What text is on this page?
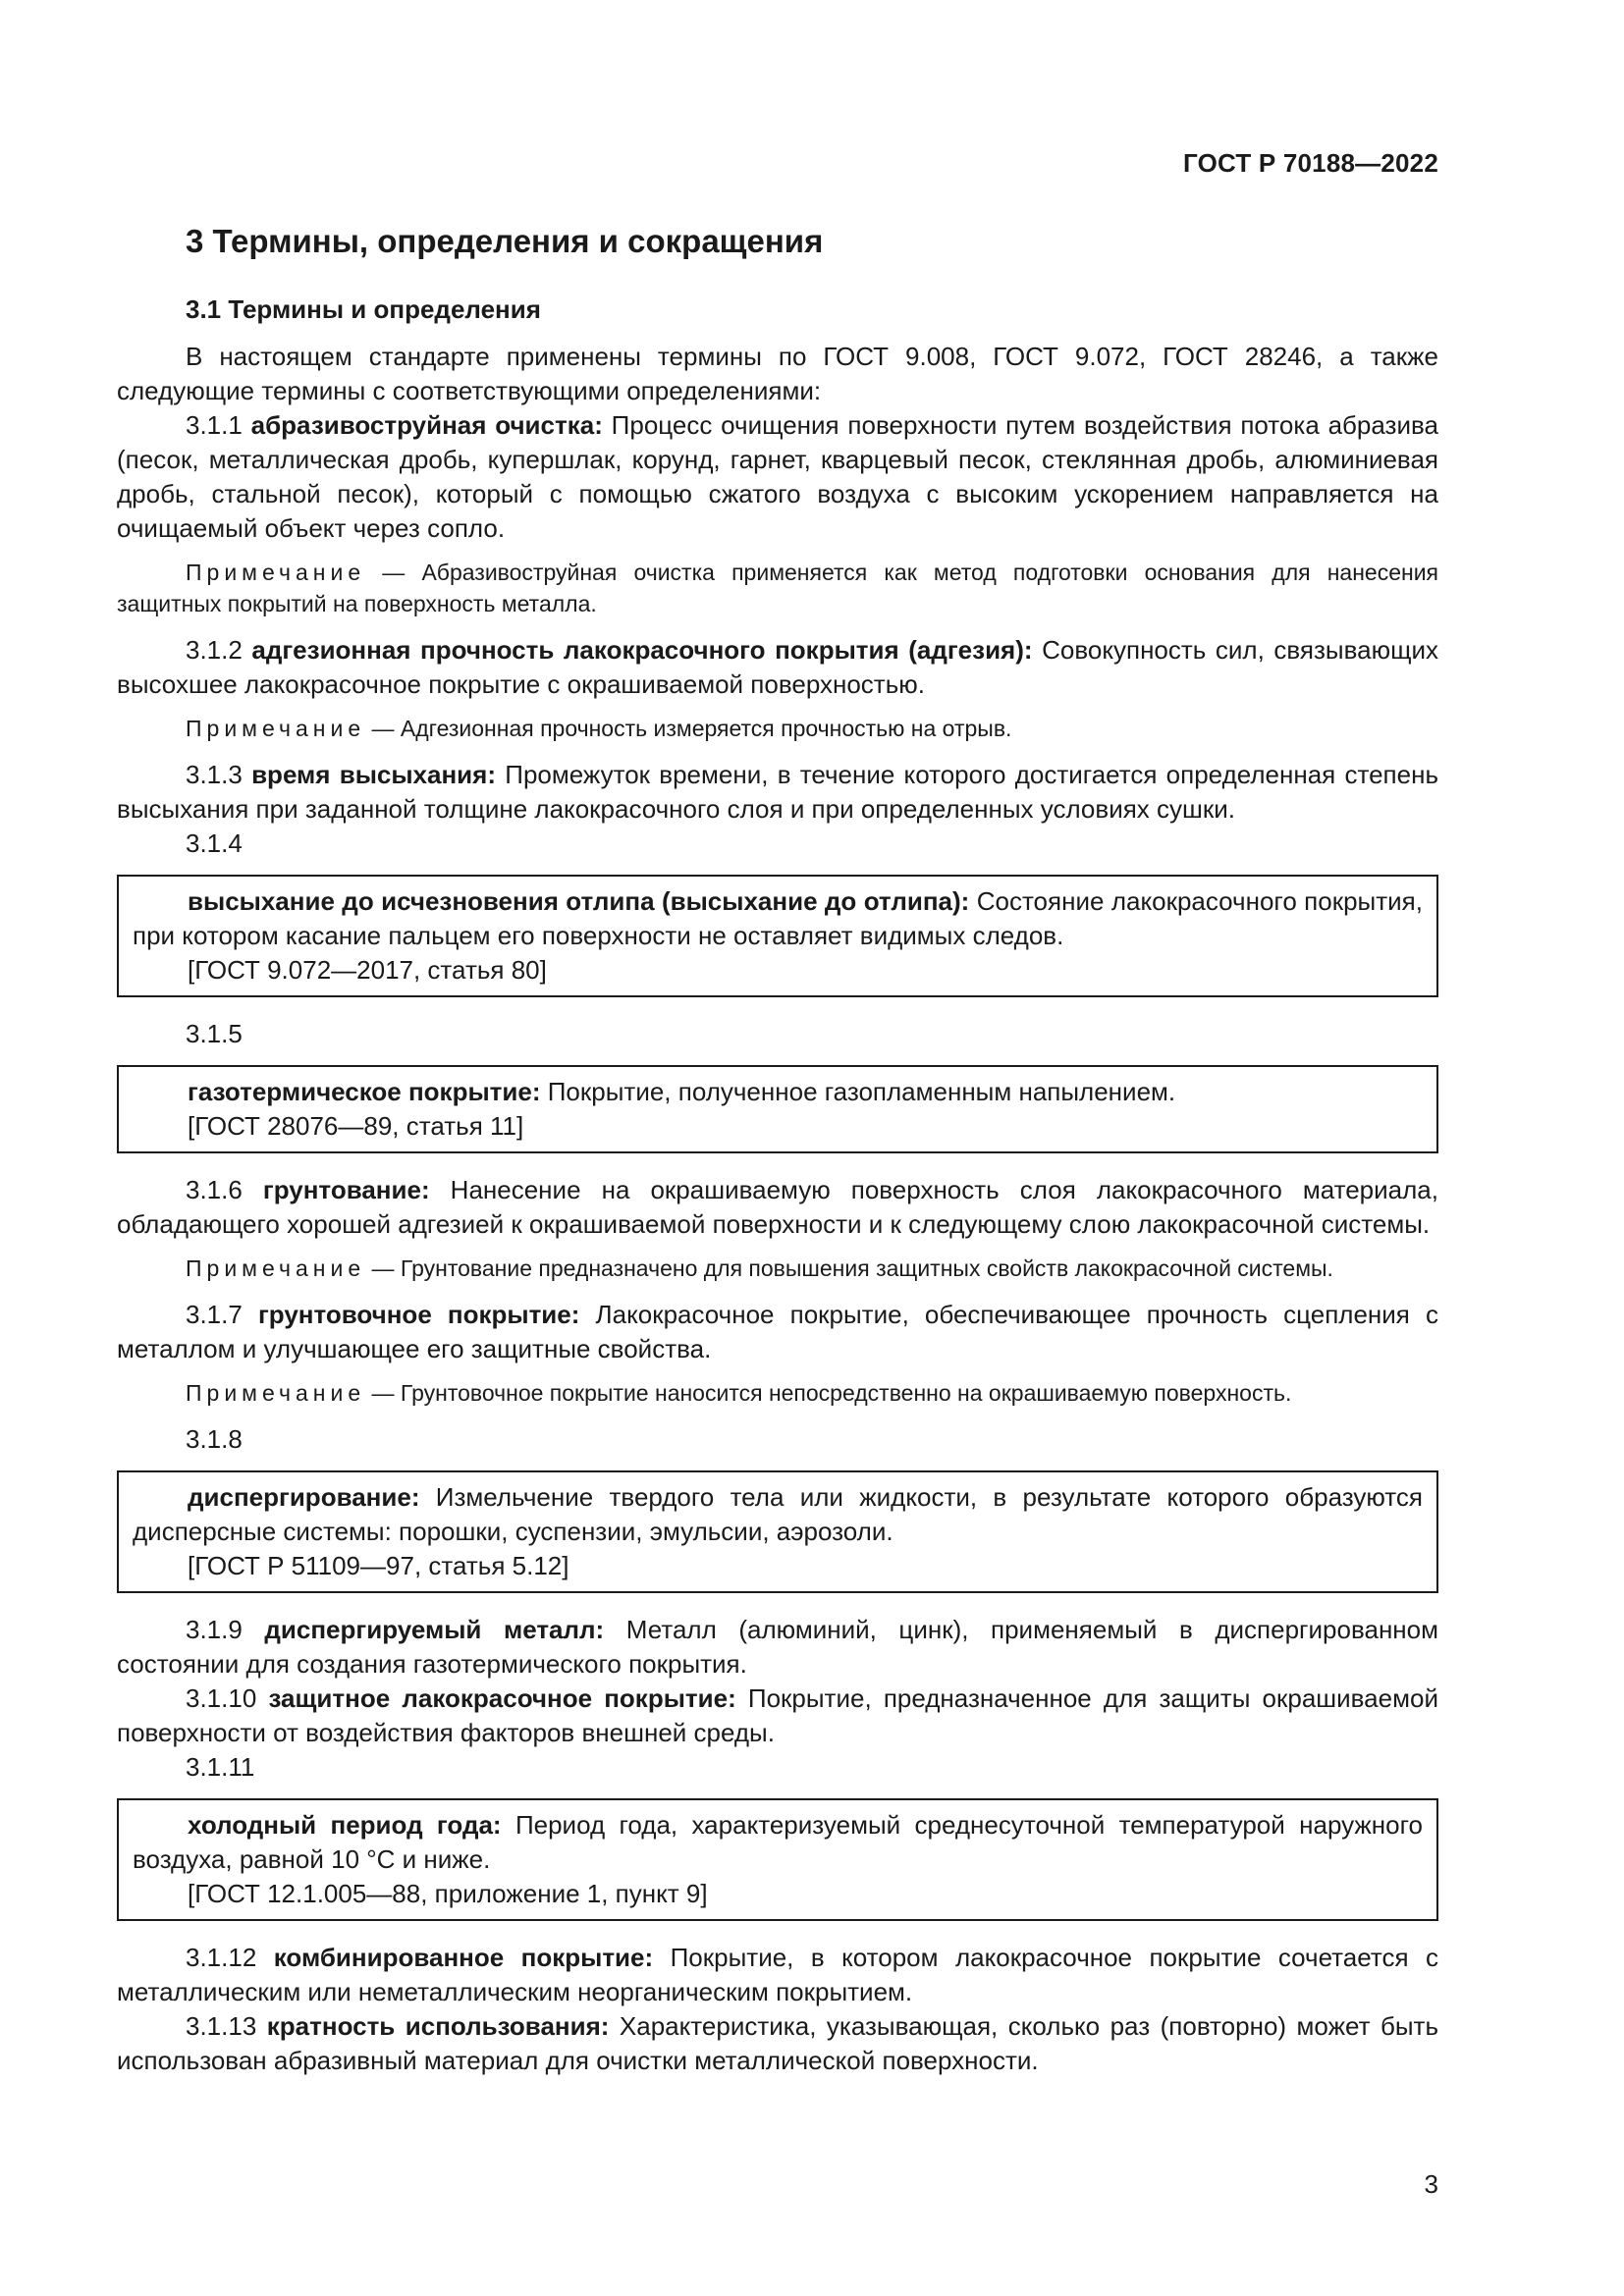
ГОСТ Р 70188—2022
3 Термины, определения и сокращения
3.1 Термины и определения

В настоящем стандарте применены термины по ГОСТ 9.008, ГОСТ 9.072, ГОСТ 28246, а также следующие термины с соответствующими определениями:

3.1.1 абразивоструйная очистка: Процесс очищения поверхности путем воздействия потока абразива (песок, металлическая дробь, купершлак, корунд, гарнет, кварцевый песок, стеклянная дробь, алюминиевая дробь, стальной песок), который с помощью сжатого воздуха с высоким ускорением направляется на очищаемый объект через сопло.

Примечание — Абразивоструйная очистка применяется как метод подготовки основания для нанесения защитных покрытий на поверхность металла.

3.1.2 адгезионная прочность лакокрасочного покрытия (адгезия): Совокупность сил, связывающих высохшее лакокрасочное покрытие с окрашиваемой поверхностью.

Примечание — Адгезионная прочность измеряется прочностью на отрыв.

3.1.3 время высыхания: Промежуток времени, в течение которого достигается определенная степень высыхания при заданной толщине лакокрасочного слоя и при определенных условиях сушки.

3.1.4

высыхание до исчезновения отлипа (высыхание до отлипа): Состояние лакокрасочного покрытия, при котором касание пальцем его поверхности не оставляет видимых следов.

[ГОСТ 9.072—2017, статья 80]

3.1.5

газотермическое покрытие: Покрытие, полученное газопламенным напылением.

[ГОСТ 28076—89, статья 11]

3.1.6 грунтование: Нанесение на окрашиваемую поверхность слоя лакокрасочного материала, обладающего хорошей адгезией к окрашиваемой поверхности и к следующему слою лакокрасочной системы.

Примечание — Грунтование предназначено для повышения защитных свойств лакокрасочной системы.

3.1.7 грунтовочное покрытие: Лакокрасочное покрытие, обеспечивающее прочность сцепления с металлом и улучшающее его защитные свойства.

Примечание — Грунтовочное покрытие наносится непосредственно на окрашиваемую поверхность.

3.1.8

диспергирование: Измельчение твердого тела или жидкости, в результате которого образуются дисперсные системы: порошки, суспензии, эмульсии, аэрозоли.

[ГОСТ Р 51109—97, статья 5.12]

3.1.9 диспергируемый металл: Металл (алюминий, цинк), применяемый в диспергированном состоянии для создания газотермического покрытия.

3.1.10 защитное лакокрасочное покрытие: Покрытие, предназначенное для защиты окрашиваемой поверхности от воздействия факторов внешней среды.

3.1.11

холодный период года: Период года, характеризуемый среднесуточной температурой наружного воздуха, равной 10 °С и ниже.

[ГОСТ 12.1.005—88, приложение 1, пункт 9]

3.1.12 комбинированное покрытие: Покрытие, в котором лакокрасочное покрытие сочетается с металлическим или неметаллическим неорганическим покрытием.

3.1.13 кратность использования: Характеристика, указывающая, сколько раз (повторно) может быть использован абразивный материал для очистки металлической поверхности.

3
